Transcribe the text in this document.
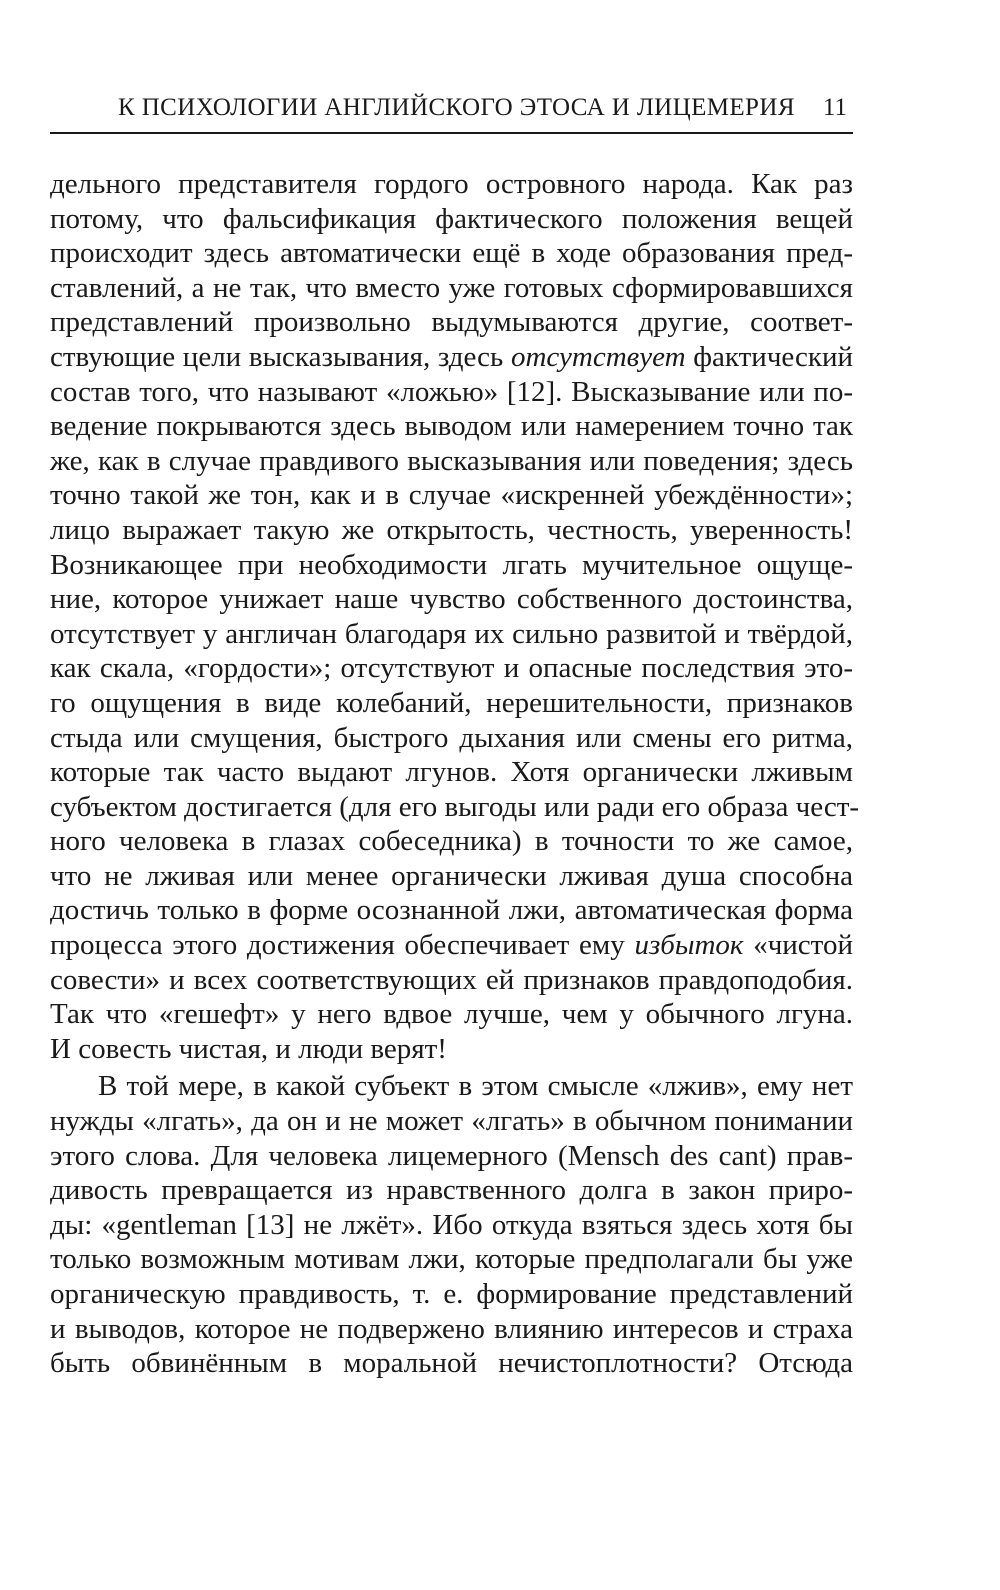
К ПСИХОЛОГИИ АНГЛИЙСКОГО ЭТОСА И ЛИЦЕМЕРИЯ 11
дельного представителя гордого островного народа. Как раз
потому, что фальсификация фактического положения вещей
происходит здесь автоматически ещё в ходе образования пред-
ставлений, а не так, что вместо уже готовых сформировавшихся
представлений произвольно выдумываются другие, соответ-
ствующие цели высказывания, здесь отсутствует фактический
состав того, что называют «ложью» [12]. Высказывание или по-
ведение покрываются здесь выводом или намерением точно так
же, как в случае правдивого высказывания или поведения; здесь
точно такой же тон, как и в случае «искренней убеждённости»;
лицо выражает такую же открытость, честность, уверенность!
Возникающее при необходимости лгать мучительное ощуще-
ние, которое унижает наше чувство собственного достоинства,
отсутствует у англичан благодаря их сильно развитой и твёрдой,
как скала, «гордости»; отсутствуют и опасные последствия это-
го ощущения в виде колебаний, нерешительности, признаков
стыда или смущения, быстрого дыхания или смены его ритма,
которые так часто выдают лгунов. Хотя органически лживым
субъектом достигается (для его выгоды или ради его образа чест-
ного человека в глазах собеседника) в точности то же самое,
что не лживая или менее органически лживая душа способна
достичь только в форме осознанной лжи, автоматическая форма
процесса этого достижения обеспечивает ему избыток «чистой
совести» и всех соответствующих ей признаков правдоподобия.
Так что «гешефт» у него вдвое лучше, чем у обычного лгуна.
И совесть чистая, и люди верят!
В той мере, в какой субъект в этом смысле «лжив», ему нет
нужды «лгать», да он и не может «лгать» в обычном понимании
этого слова. Для человека лицемерного (Mensch des cant) прав-
дивость превращается из нравственного долга в закон приро-
ды: «gentleman [13] не лжёт». Ибо откуда взяться здесь хотя бы
только возможным мотивам лжи, которые предполагали бы уже
органическую правдивость, т. е. формирование представлений
и выводов, которое не подвержено влиянию интересов и страха
быть обвинённым в моральной нечистоплотности? Отсюда
